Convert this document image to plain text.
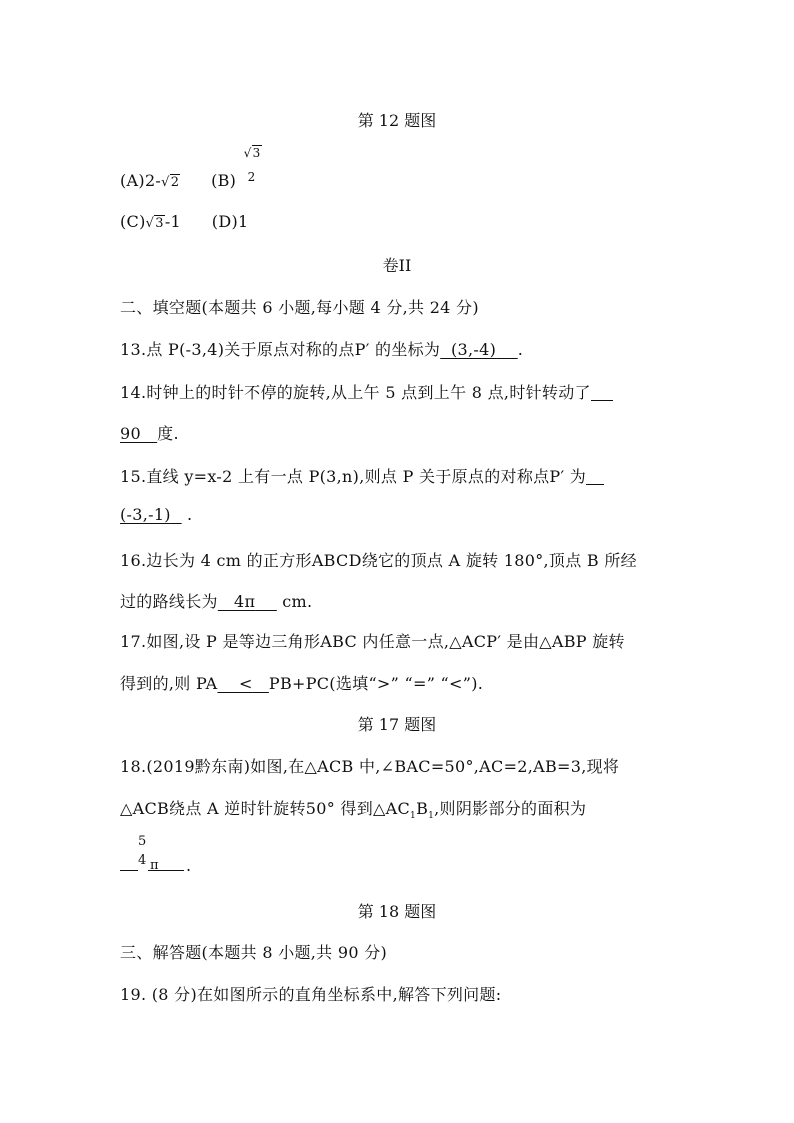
第 12 题图
(A)2-√2 (B)
√3
2
(C)√3-1 (D)1
卷II
二、填空题(本题共 6 小题,每小题 4 分,共 24 分)
13.点 P(-3,4)关于原点对称的点P′ 的坐标为 (3,-4) .
14.时钟上的时针不停的旋转,从上午 5 点到上午 8 点,时针转动了
90 度.
15.直线 y=x-2 上有一点 P(3,n),则点 P 关于原点的对称点P′ 为
(-3,-1) .
16.边长为 4 cm 的正方形ABCD绕它的顶点 A 旋转 180°,顶点 B 所经
过的路线长为 4π cm.
17.如图,设 P 是等边三角形ABC 内任意一点,△ACP′ 是由△ABP 旋转
得到的,则 PA < PB+PC(选填“>” “=” “<”).
第 17 题图
18.(2019黔东南)如图,在△ACB 中,∠BAC=50°,AC=2,AB=3,现将
△ACB绕点 A 逆时针旋转50° 得到$\triangle AC_1B_1$,则阴影部分的面积为
5
4 π .
第 18 题图
三、解答题(本题共 8 小题,共 90 分)
19. (8 分)在如图所示的直角坐标系中,解答下列问题:
